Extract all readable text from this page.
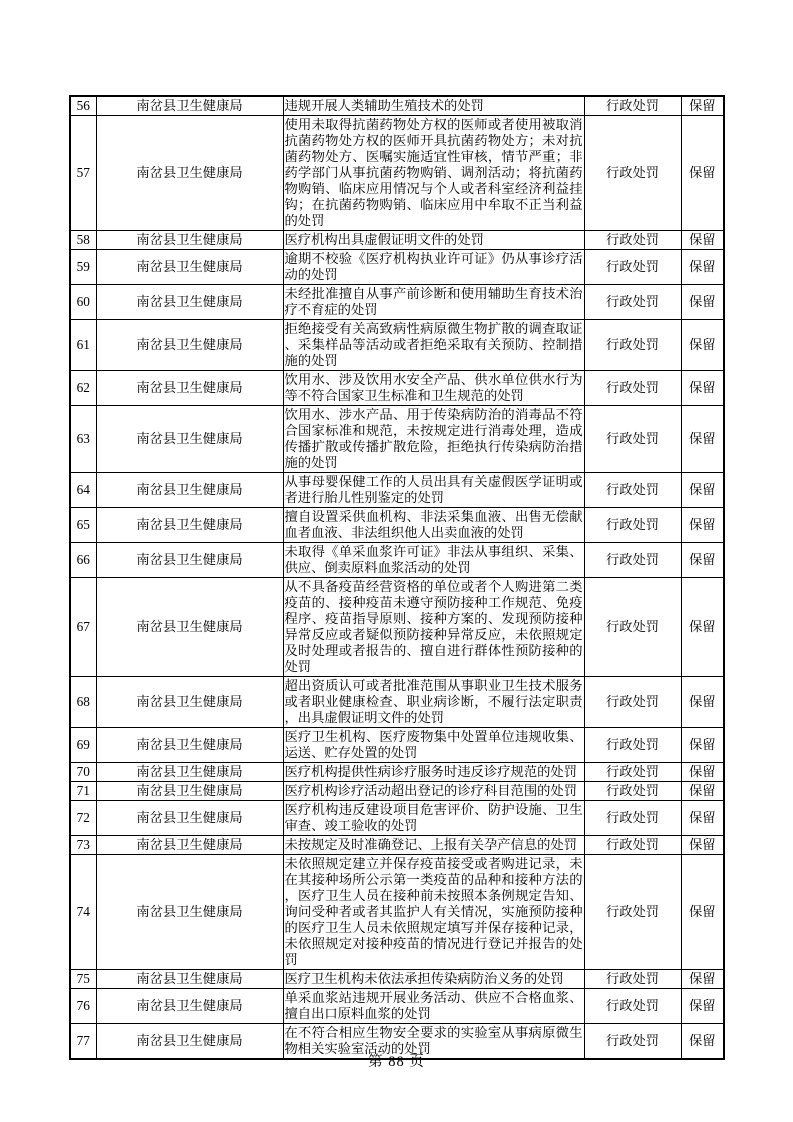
56	南岔县卫生健康局	违规开展人类辅助生殖技术的处罚	行政处罚	保留
57	南岔县卫生健康局	使用未取得抗菌药物处方权的医师或者使用被取消抗菌药物处方权的医师开具抗菌药物处方；未对抗菌药物处方、医嘱实施适宜性审核，情节严重；非药学部门从事抗菌药物购销、调剂活动；将抗菌药物购销、临床应用情况与个人或者科室经济利益挂钩；在抗菌药物购销、临床应用中牟取不正当利益的处罚	行政处罚	保留
58	南岔县卫生健康局	医疗机构出具虚假证明文件的处罚	行政处罚	保留
59	南岔县卫生健康局	逾期不校验《医疗机构执业许可证》仍从事诊疗活动的处罚	行政处罚	保留
60	南岔县卫生健康局	未经批准擅自从事产前诊断和使用辅助生育技术治疗不育症的处罚	行政处罚	保留
61	南岔县卫生健康局	拒绝接受有关高致病性病原微生物扩散的调查取证、采集样品等活动或者拒绝采取有关预防、控制措施的处罚	行政处罚	保留
62	南岔县卫生健康局	饮用水、涉及饮用水安全产品、供水单位供水行为等不符合国家卫生标准和卫生规范的处罚	行政处罚	保留
63	南岔县卫生健康局	饮用水、涉水产品、用于传染病防治的消毒品不符合国家标准和规范，未按规定进行消毒处理，造成传播扩散或传播扩散危险，拒绝执行传染病防治措施的处罚	行政处罚	保留
64	南岔县卫生健康局	从事母婴保健工作的人员出具有关虚假医学证明或者进行胎儿性别鉴定的处罚	行政处罚	保留
65	南岔县卫生健康局	擅自设置采供血机构、非法采集血液、出售无偿献血者血液、非法组织他人出卖血液的处罚	行政处罚	保留
66	南岔县卫生健康局	未取得《单采血浆许可证》非法从事组织、采集、供应、倒卖原料血浆活动的处罚	行政处罚	保留
67	南岔县卫生健康局	从不具备疫苗经营资格的单位或者个人购进第二类疫苗的、接种疫苗未遵守预防接种工作规范、免疫程序、疫苗指导原则、接种方案的、发现预防接种异常反应或者疑似预防接种异常反应，未依照规定及时处理或者报告的、擅自进行群体性预防接种的处罚	行政处罚	保留
68	南岔县卫生健康局	超出资质认可或者批准范围从事职业卫生技术服务或者职业健康检查、职业病诊断，不履行法定职责，出具虚假证明文件的处罚	行政处罚	保留
69	南岔县卫生健康局	医疗卫生机构、医疗废物集中处置单位违规收集、运送、贮存处置的处罚	行政处罚	保留
70	南岔县卫生健康局	医疗机构提供性病诊疗服务时违反诊疗规范的处罚	行政处罚	保留
71	南岔县卫生健康局	医疗机构诊疗活动超出登记的诊疗科目范围的处罚	行政处罚	保留
72	南岔县卫生健康局	医疗机构违反建设项目危害评价、防护设施、卫生审查、竣工验收的处罚	行政处罚	保留
73	南岔县卫生健康局	未按规定及时准确登记、上报有关孕产信息的处罚	行政处罚	保留
74	南岔县卫生健康局	未依照规定建立并保存疫苗接受或者购进记录，未在其接种场所公示第一类疫苗的品种和接种方法的，医疗卫生人员在接种前未按照本条例规定告知、询问受种者或者其监护人有关情况，实施预防接种的医疗卫生人员未依照规定填写并保存接种记录，未依照规定对接种疫苗的情况进行登记并报告的处罚	行政处罚	保留
75	南岔县卫生健康局	医疗卫生机构未依法承担传染病防治义务的处罚	行政处罚	保留
76	南岔县卫生健康局	单采血浆站违规开展业务活动、供应不合格血浆、擅自出口原料血浆的处罚	行政处罚	保留
77	南岔县卫生健康局	在不符合相应生物安全要求的实验室从事病原微生物相关实验室活动的处罚	行政处罚	保留
第 88 页
